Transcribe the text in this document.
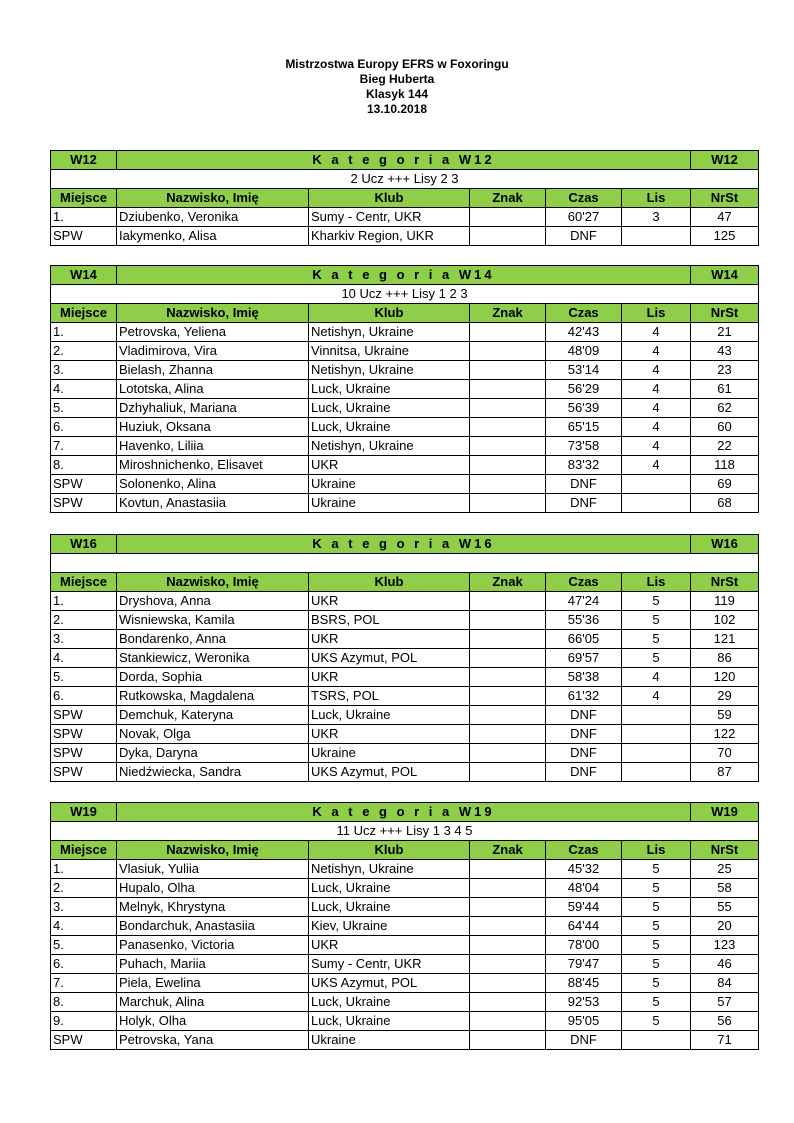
Mistrzostwa Europy EFRS w Foxoringu
Bieg Huberta
Klasyk 144
13.10.2018
W12	K a t e g o r i a W12					W12
2 Ucz +++ Lisy 2 3						
Miejsce	Nazwisko, Imię	Klub	Znak	Czas	Lis	NrSt
1.	Dziubenko, Veronika	Sumy - Centr, UKR		60'27	3	47
SPW	Iakymenko, Alisa	Kharkiv Region, UKR		DNF		125
W14	K a t e g o r i a W14					W14
10 Ucz +++ Lisy 1 2 3						
Miejsce	Nazwisko, Imię	Klub	Znak	Czas	Lis	NrSt
1.	Petrovska, Yeliena	Netishyn, Ukraine		42'43	4	21
2.	Vladimirova, Vira	Vinnitsa, Ukraine		48'09	4	43
3.	Bielash, Zhanna	Netishyn, Ukraine		53'14	4	23
4.	Lototska, Alina	Luck, Ukraine		56'29	4	61
5.	Dzhyhaliuk, Mariana	Luck, Ukraine		56'39	4	62
6.	Huziuk, Oksana	Luck, Ukraine		65'15	4	60
7.	Havenko, Liliia	Netishyn, Ukraine		73'58	4	22
8.	Miroshnichenko, Elisavet	UKR		83'32	4	118
SPW	Solonenko, Alina	Ukraine		DNF		69
SPW	Kovtun, Anastasiia	Ukraine		DNF		68
W16	K a t e g o r i a W16					W16

Miejsce	Nazwisko, Imię	Klub	Znak	Czas	Lis	NrSt
1.	Dryshova, Anna	UKR		47'24	5	119
2.	Wisniewska, Kamila	BSRS, POL		55'36	5	102
3.	Bondarenko, Anna	UKR		66'05	5	121
4.	Stankiewicz, Weronika	UKS Azymut, POL		69'57	5	86
5.	Dorda, Sophia	UKR		58'38	4	120
6.	Rutkowska, Magdalena	TSRS, POL		61'32	4	29
SPW	Demchuk, Kateryna	Luck, Ukraine		DNF		59
SPW	Novak, Olga	UKR		DNF		122
SPW	Dyka, Daryna	Ukraine		DNF		70
SPW	Niedźwiecka, Sandra	UKS Azymut, POL		DNF		87
W19	K a t e g o r i a W19					W19
11 Ucz +++ Lisy 1 3 4 5						
Miejsce	Nazwisko, Imię	Klub	Znak	Czas	Lis	NrSt
1.	Vlasiuk, Yuliia	Netishyn, Ukraine		45'32	5	25
2.	Hupalo, Olha	Luck, Ukraine		48'04	5	58
3.	Melnyk, Khrystyna	Luck, Ukraine		59'44	5	55
4.	Bondarchuk, Anastasiia	Kiev, Ukraine		64'44	5	20
5.	Panasenko, Victoria	UKR		78'00	5	123
6.	Puhach, Mariia	Sumy - Centr, UKR		79'47	5	46
7.	Piela, Ewelina	UKS Azymut, POL		88'45	5	84
8.	Marchuk, Alina	Luck, Ukraine		92'53	5	57
9.	Holyk, Olha	Luck, Ukraine		95'05	5	56
SPW	Petrovska, Yana	Ukraine		DNF		71
